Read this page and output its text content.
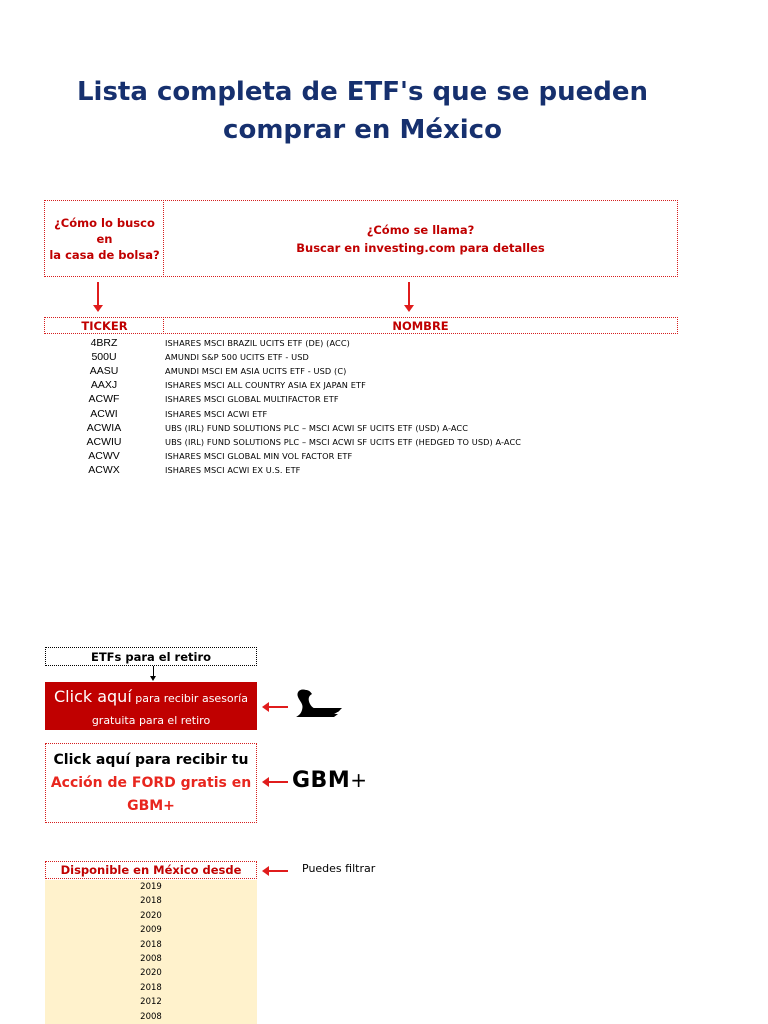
Lista completa de ETF's que se pueden
comprar en México
¿Cómo lo busco en
la casa de bolsa?
¿Cómo se llama?
Buscar en investing.com para detalles
TICKER	NOMBRE
4BRZ	ISHARES MSCI BRAZIL UCITS ETF (DE) (ACC)
500U	AMUNDI S&P 500 UCITS ETF - USD
AASU	AMUNDI MSCI EM ASIA UCITS ETF - USD (C)
AAXJ	ISHARES MSCI ALL COUNTRY ASIA EX JAPAN ETF
ACWF	ISHARES MSCI GLOBAL MULTIFACTOR ETF
ACWI	ISHARES MSCI ACWI ETF
ACWIA	UBS (IRL) FUND SOLUTIONS PLC – MSCI ACWI SF UCITS ETF (USD) A-ACC
ACWIU	UBS (IRL) FUND SOLUTIONS PLC – MSCI ACWI SF UCITS ETF (HEDGED TO USD) A-ACC
ACWV	ISHARES MSCI GLOBAL MIN VOL FACTOR ETF
ACWX	ISHARES MSCI ACWI EX U.S. ETF
ETFs para el retiro
Click aquí para recibir asesoría
gratuita para el retiro
Click aquí para recibir tu
Acción de FORD gratis en
GBM+
GBM+
Disponible en México desde	Puedes filtrar
2019
2018
2020
2009
2018
2008
2020
2018
2012
2008
